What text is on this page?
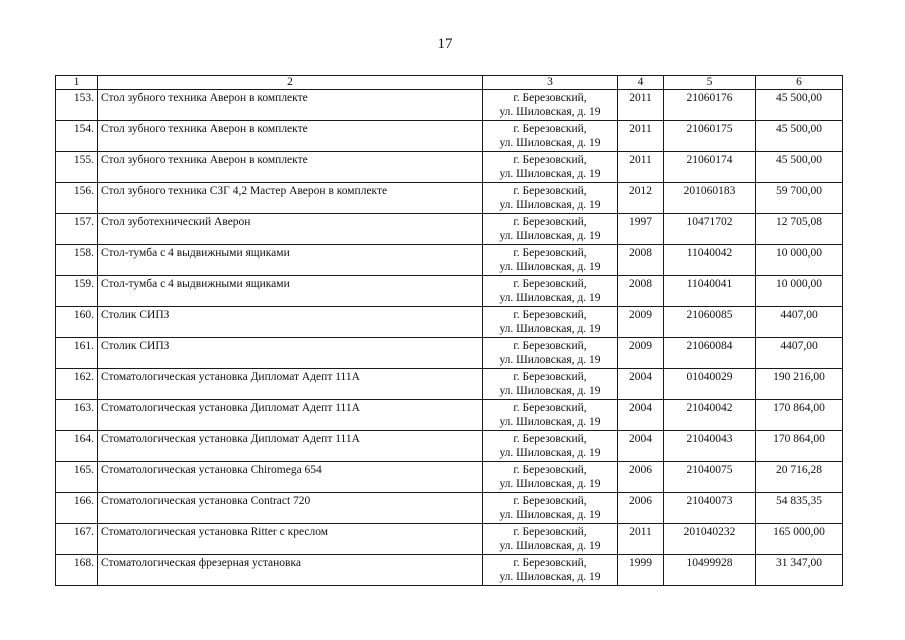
17
1	2	3	4	5	6
153.	Стол зубного техника Аверон в комплекте	г. Березовский,
ул. Шиловская, д. 19	2011	21060176	45 500,00
154.	Стол зубного техника Аверон в комплекте	г. Березовский,
ул. Шиловская, д. 19	2011	21060175	45 500,00
155.	Стол зубного техника Аверон в комплекте	г. Березовский,
ул. Шиловская, д. 19	2011	21060174	45 500,00
156.	Стол зубного техника СЗГ 4,2 Мастер Аверон в комплекте	г. Березовский,
ул. Шиловская, д. 19	2012	201060183	59 700,00
157.	Стол зуботехнический Аверон	г. Березовский,
ул. Шиловская, д. 19	1997	10471702	12 705,08
158.	Стол-тумба с 4 выдвижными ящиками	г. Березовский,
ул. Шиловская, д. 19	2008	11040042	10 000,00
159.	Стол-тумба с 4 выдвижными ящиками	г. Березовский,
ул. Шиловская, д. 19	2008	11040041	10 000,00
160.	Столик СИПЗ	г. Березовский,
ул. Шиловская, д. 19	2009	21060085	4407,00
161.	Столик СИПЗ	г. Березовский,
ул. Шиловская, д. 19	2009	21060084	4407,00
162.	Стоматологическая установка Дипломат Адепт 111А	г. Березовский,
ул. Шиловская, д. 19	2004	01040029	190 216,00
163.	Стоматологическая установка Дипломат Адепт 111А	г. Березовский,
ул. Шиловская, д. 19	2004	21040042	170 864,00
164.	Стоматологическая установка Дипломат Адепт 111А	г. Березовский,
ул. Шиловская, д. 19	2004	21040043	170 864,00
165.	Стоматологическая установка Chiromega 654	г. Березовский,
ул. Шиловская, д. 19	2006	21040075	20 716,28
166.	Стоматологическая установка Contract 720	г. Березовский,
ул. Шиловская, д. 19	2006	21040073	54 835,35
167.	Стоматологическая установка Ritter с креслом	г. Березовский,
ул. Шиловская, д. 19	2011	201040232	165 000,00
168.	Стоматологическая фрезерная установка	г. Березовский,
ул. Шиловская, д. 19	1999	10499928	31 347,00
